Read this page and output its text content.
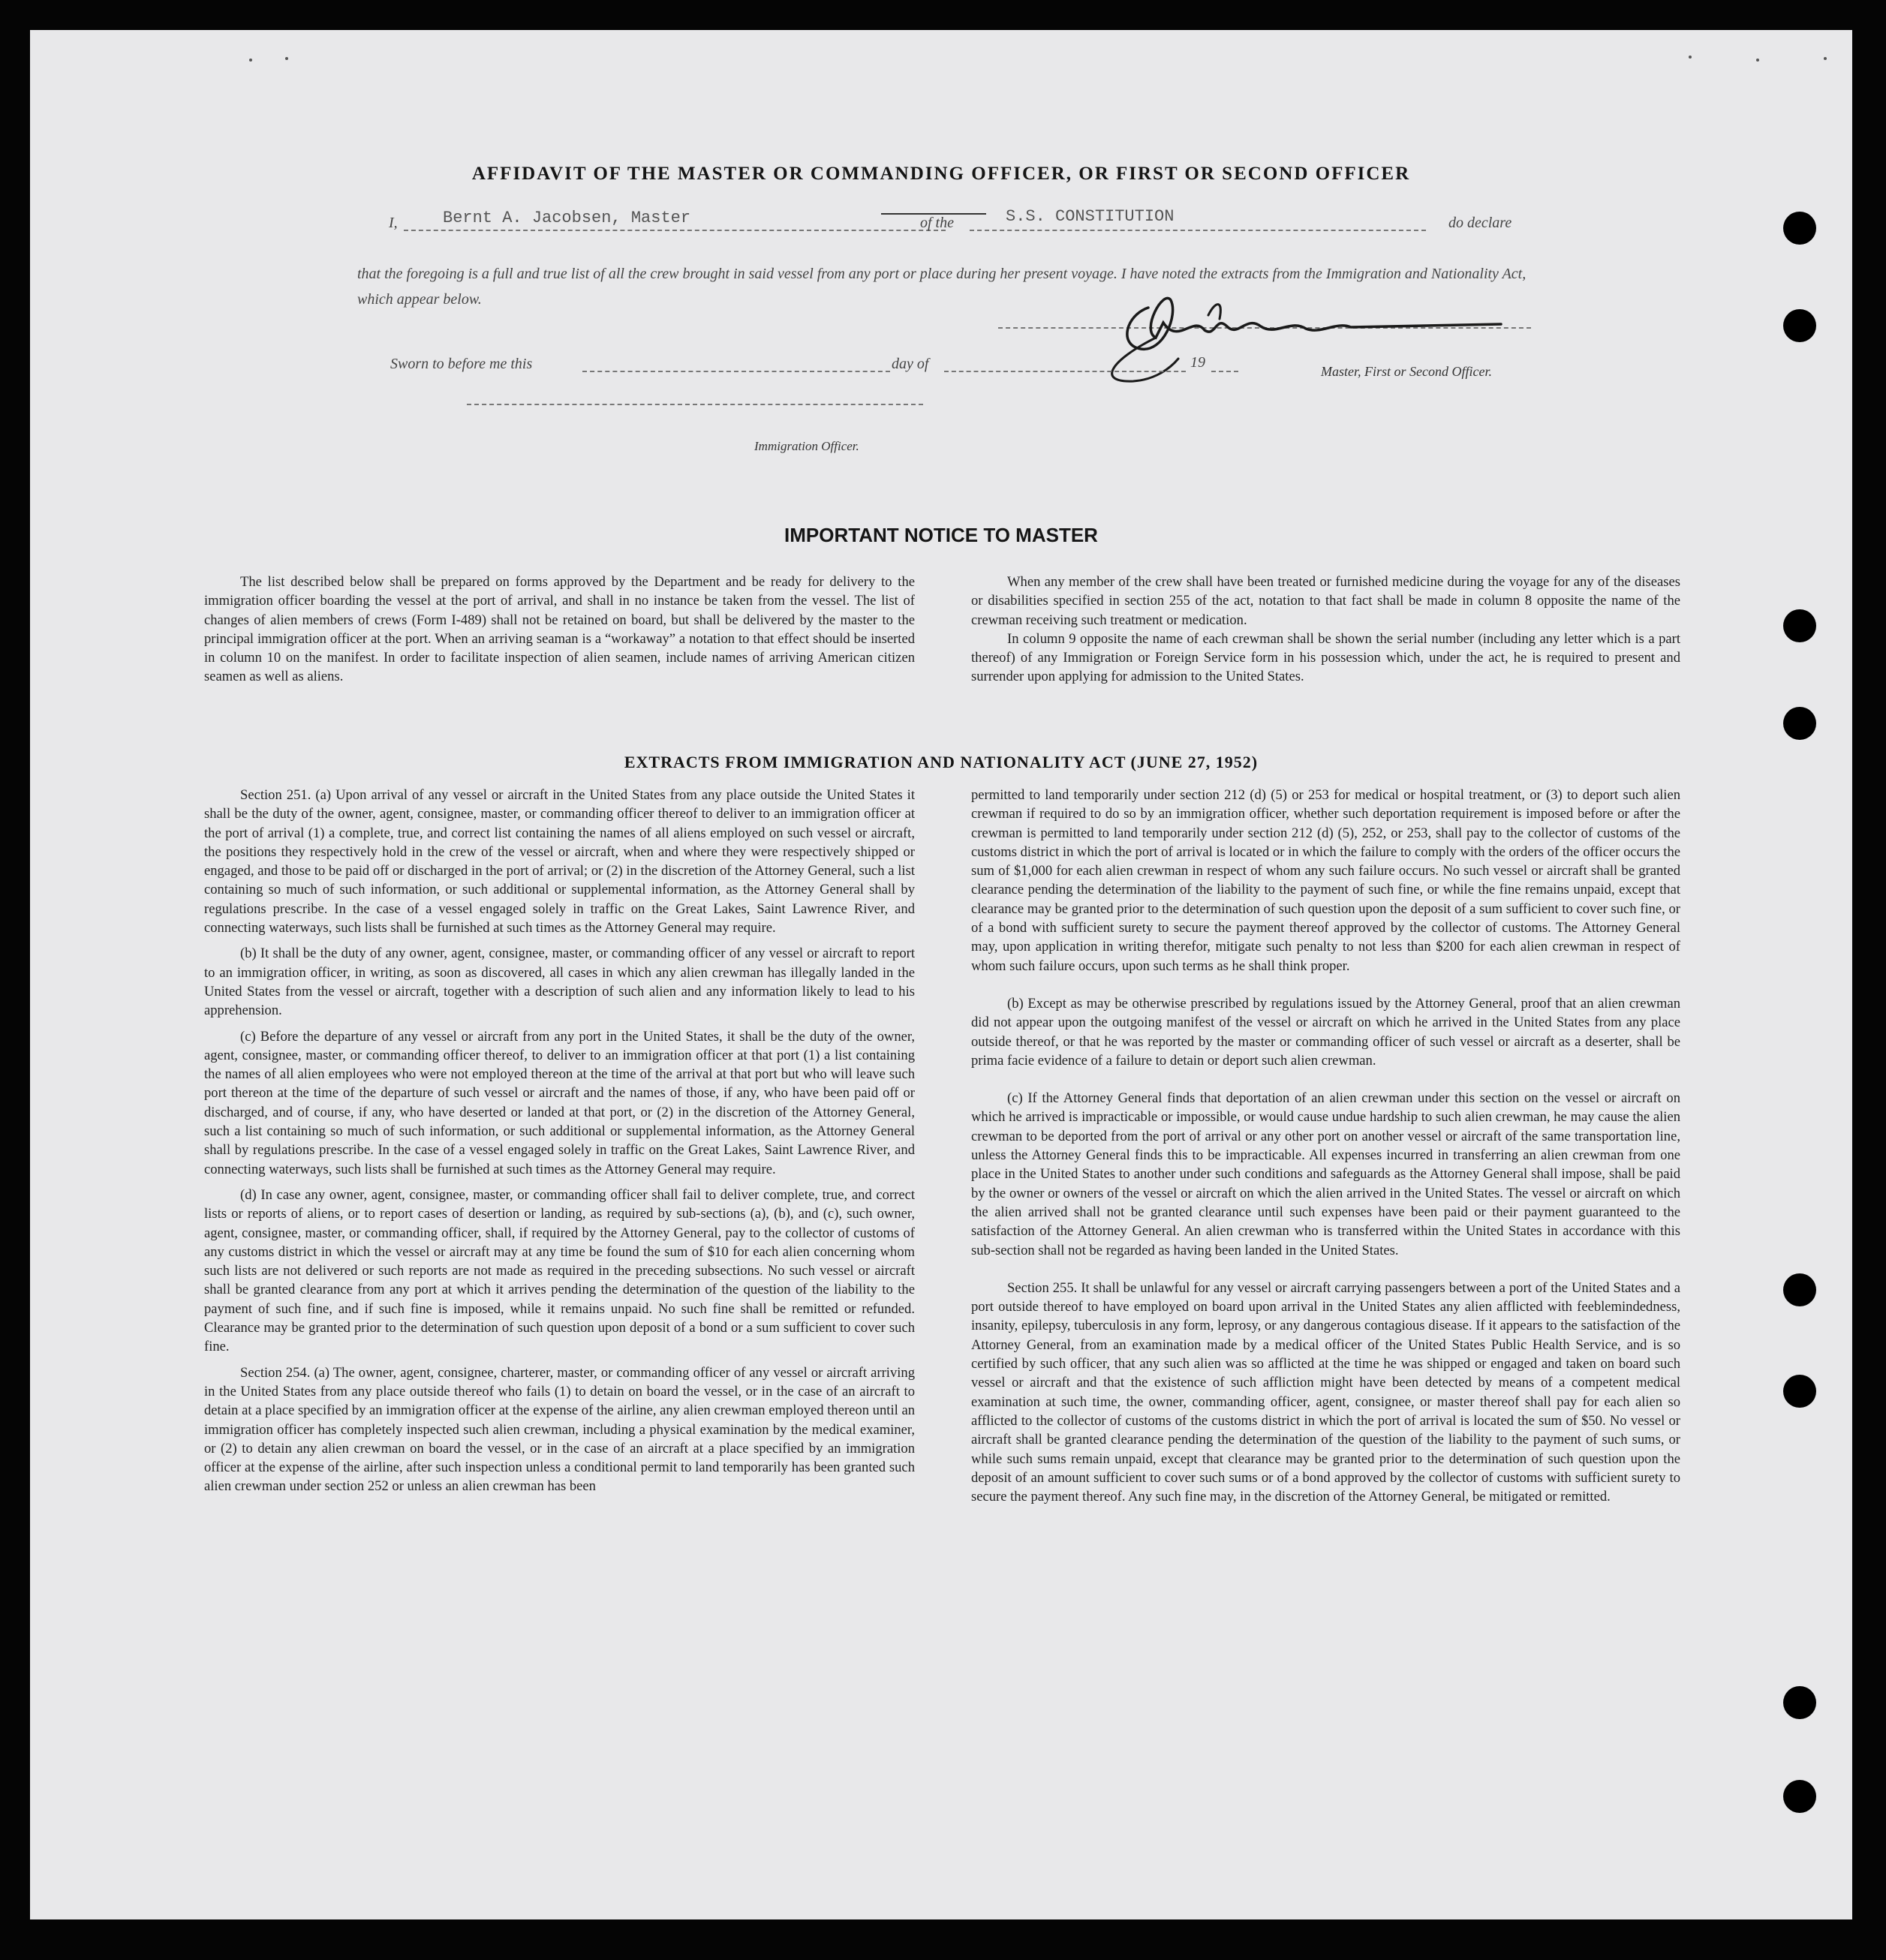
AFFIDAVIT OF THE MASTER OR COMMANDING OFFICER, OR FIRST OR SECOND OFFICER
I,	Bernt A. Jacobsen, Master	of the	S.S. CONSTITUTION	do declare
that the foregoing is a full and true list of all the crew brought in said vessel from any port or place during her present voyage. I have noted the extracts from the Immigration and Nationality Act, which appear below.
Master, First or Second Officer.
Sworn to before me this	day of	19
Immigration Officer.
IMPORTANT NOTICE TO MASTER

The list described below shall be prepared on forms approved by the Department and be ready for delivery to the immigration officer boarding the vessel at the port of arrival, and shall in no instance be taken from the vessel. The list of changes of alien members of crews (Form I-489) shall not be retained on board, but shall be delivered by the master to the principal immigration officer at the port. When an arriving seaman is a “workaway” a notation to that effect should be inserted in column 10 on the manifest. In order to facilitate inspection of alien seamen, include names of arriving American citizen seamen as well as aliens.

When any member of the crew shall have been treated or furnished medicine during the voyage for any of the diseases or disabilities specified in section 255 of the act, notation to that fact shall be made in column 8 opposite the name of the crewman receiving such treatment or medication.

In column 9 opposite the name of each crewman shall be shown the serial number (including any letter which is a part thereof) of any Immigration or Foreign Service form in his possession which, under the act, he is required to present and surrender upon applying for admission to the United States.

EXTRACTS FROM IMMIGRATION AND NATIONALITY ACT (JUNE 27, 1952)

Section 251. (a) Upon arrival of any vessel or aircraft in the United States from any place outside the United States it shall be the duty of the owner, agent, consignee, master, or commanding officer thereof to deliver to an immigration officer at the port of arrival (1) a complete, true, and correct list containing the names of all aliens employed on such vessel or aircraft, the positions they respectively hold in the crew of the vessel or aircraft, when and where they were respectively shipped or engaged, and those to be paid off or discharged in the port of arrival; or (2) in the discretion of the Attorney General, such a list containing so much of such information, or such additional or supplemental information, as the Attorney General shall by regulations prescribe. In the case of a vessel engaged solely in traffic on the Great Lakes, Saint Lawrence River, and connecting waterways, such lists shall be furnished at such times as the Attorney General may require.

(b) It shall be the duty of any owner, agent, consignee, master, or commanding officer of any vessel or aircraft to report to an immigration officer, in writing, as soon as discovered, all cases in which any alien crewman has illegally landed in the United States from the vessel or aircraft, together with a description of such alien and any information likely to lead to his apprehension.

(c) Before the departure of any vessel or aircraft from any port in the United States, it shall be the duty of the owner, agent, consignee, master, or commanding officer thereof, to deliver to an immigration officer at that port (1) a list containing the names of all alien employees who were not employed thereon at the time of the arrival at that port but who will leave such port thereon at the time of the departure of such vessel or aircraft and the names of those, if any, who have been paid off or discharged, and of course, if any, who have deserted or landed at that port, or (2) in the discretion of the Attorney General, such a list containing so much of such information, or such additional or supplemental information, as the Attorney General shall by regulations prescribe. In the case of a vessel engaged solely in traffic on the Great Lakes, Saint Lawrence River, and connecting waterways, such lists shall be furnished at such times as the Attorney General may require.

(d) In case any owner, agent, consignee, master, or commanding officer shall fail to deliver complete, true, and correct lists or reports of aliens, or to report cases of desertion or landing, as required by sub-sections (a), (b), and (c), such owner, agent, consignee, master, or commanding officer, shall, if required by the Attorney General, pay to the collector of customs of any customs district in which the vessel or aircraft may at any time be found the sum of $10 for each alien concerning whom such lists are not delivered or such reports are not made as required in the preceding subsections. No such vessel or aircraft shall be granted clearance from any port at which it arrives pending the determination of the question of the liability to the payment of such fine, and if such fine is imposed, while it remains unpaid. No such fine shall be remitted or refunded. Clearance may be granted prior to the determination of such question upon deposit of a bond or a sum sufficient to cover such fine.

Section 254. (a) The owner, agent, consignee, charterer, master, or commanding officer of any vessel or aircraft arriving in the United States from any place outside thereof who fails (1) to detain on board the vessel, or in the case of an aircraft to detain at a place specified by an immigration officer at the expense of the airline, any alien crewman employed thereon until an immigration officer has completely inspected such alien crewman, including a physical examination by the medical examiner, or (2) to detain any alien crewman on board the vessel, or in the case of an aircraft at a place specified by an immigration officer at the expense of the airline, after such inspection unless a conditional permit to land temporarily has been granted such alien crewman under section 252 or unless an alien crewman has been

permitted to land temporarily under section 212 (d) (5) or 253 for medical or hospital treatment, or (3) to deport such alien crewman if required to do so by an immigration officer, whether such deportation requirement is imposed before or after the crewman is permitted to land temporarily under section 212 (d) (5), 252, or 253, shall pay to the collector of customs of the customs district in which the port of arrival is located or in which the failure to comply with the orders of the officer occurs the sum of $1,000 for each alien crewman in respect of whom any such failure occurs. No such vessel or aircraft shall be granted clearance pending the determination of the liability to the payment of such fine, or while the fine remains unpaid, except that clearance may be granted prior to the determination of such question upon the deposit of a sum sufficient to cover such fine, or of a bond with sufficient surety to secure the payment thereof approved by the collector of customs. The Attorney General may, upon application in writing therefor, mitigate such penalty to not less than $200 for each alien crewman in respect of whom such failure occurs, upon such terms as he shall think proper.

(b) Except as may be otherwise prescribed by regulations issued by the Attorney General, proof that an alien crewman did not appear upon the outgoing manifest of the vessel or aircraft on which he arrived in the United States from any place outside thereof, or that he was reported by the master or commanding officer of such vessel or aircraft as a deserter, shall be prima facie evidence of a failure to detain or deport such alien crewman.

(c) If the Attorney General finds that deportation of an alien crewman under this section on the vessel or aircraft on which he arrived is impracticable or impossible, or would cause undue hardship to such alien crewman, he may cause the alien crewman to be deported from the port of arrival or any other port on another vessel or aircraft of the same transportation line, unless the Attorney General finds this to be impracticable. All expenses incurred in transferring an alien crewman from one place in the United States to another under such conditions and safeguards as the Attorney General shall impose, shall be paid by the owner or owners of the vessel or aircraft on which the alien arrived in the United States. The vessel or aircraft on which the alien arrived shall not be granted clearance until such expenses have been paid or their payment guaranteed to the satisfaction of the Attorney General. An alien crewman who is transferred within the United States in accordance with this sub-section shall not be regarded as having been landed in the United States.

Section 255. It shall be unlawful for any vessel or aircraft carrying passengers between a port of the United States and a port outside thereof to have employed on board upon arrival in the United States any alien afflicted with feeblemindedness, insanity, epilepsy, tuberculosis in any form, leprosy, or any dangerous contagious disease. If it appears to the satisfaction of the Attorney General, from an examination made by a medical officer of the United States Public Health Service, and is so certified by such officer, that any such alien was so afflicted at the time he was shipped or engaged and taken on board such vessel or aircraft and that the existence of such affliction might have been detected by means of a competent medical examination at such time, the owner, commanding officer, agent, consignee, or master thereof shall pay for each alien so afflicted to the collector of customs of the customs district in which the port of arrival is located the sum of $50. No vessel or aircraft shall be granted clearance pending the determination of the question of the liability to the payment of such sums, or while such sums remain unpaid, except that clearance may be granted prior to the determination of such question upon the deposit of an amount sufficient to cover such sums or of a bond approved by the collector of customs with sufficient surety to secure the payment thereof. Any such fine may, in the discretion of the Attorney General, be mitigated or remitted.
